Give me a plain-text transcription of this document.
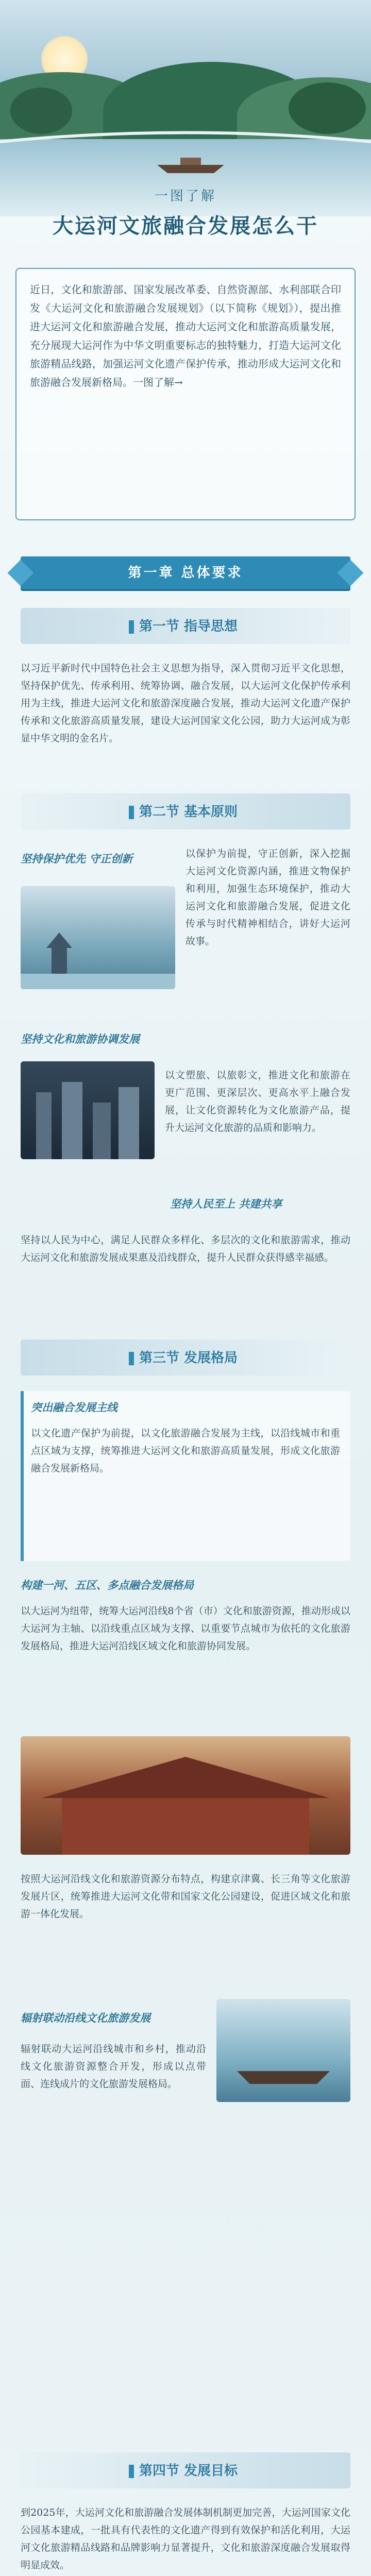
一图了解
大运河文旅融合发展怎么干
近日，文化和旅游部、国家发展改革委、自然资源部、水利部联合印发《大运河文化和旅游融合发展规划》（以下简称《规划》），提出推进大运河文化和旅游融合发展，推动大运河文化和旅游高质量发展，充分展现大运河作为中华文明重要标志的独特魅力，打造大运河文化旅游精品线路，加强运河文化遗产保护传承，推动形成大运河文化和旅游融合发展新格局。一图了解→
第一章 总体要求
第一节 指导思想
以习近平新时代中国特色社会主义思想为指导，深入贯彻习近平文化思想，坚持保护优先、传承利用、统筹协调、融合发展，以大运河文化保护传承利用为主线，推进大运河文化和旅游深度融合发展，推动大运河文化遗产保护传承和文化旅游高质量发展，建设大运河国家文化公园，助力大运河成为彰显中华文明的金名片。
第二节 基本原则
坚持保护优先 守正创新	以保护为前提，守正创新，深入挖掘大运河文化资源内涵，推进文物保护和利用，加强生态环境保护，推动大运河文化和旅游融合发展，促进文化传承与时代精神相结合，讲好大运河故事。
坚持文化和旅游协调发展
以文塑旅、以旅彰文，推进文化和旅游在更广范围、更深层次、更高水平上融合发展，让文化资源转化为文化旅游产品，提升大运河文化旅游的品质和影响力。
坚持人民至上 共建共享
坚持以人民为中心，满足人民群众多样化、多层次的文化和旅游需求，推动大运河文化和旅游发展成果惠及沿线群众，提升人民群众获得感幸福感。
第三节 发展格局
突出融合发展主线
以文化遗产保护为前提，以文化旅游融合发展为主线，以沿线城市和重点区域为支撑，统筹推进大运河文化和旅游高质量发展，形成文化旅游融合发展新格局。
构建一河、五区、多点融合发展格局
以大运河为纽带，统筹大运河沿线8个省（市）文化和旅游资源，推动形成以大运河为主轴、以沿线重点区域为支撑、以重要节点城市为依托的文化旅游发展格局，推进大运河沿线区域文化和旅游协同发展。
按照大运河沿线文化和旅游资源分布特点，构建京津冀、长三角等文化旅游发展片区，统筹推进大运河文化带和国家文化公园建设，促进区域文化和旅游一体化发展。
辐射联动沿线文化旅游发展
辐射联动大运河沿线城市和乡村，推动沿线文化旅游资源整合开发，形成以点带面、连线成片的文化旅游发展格局。
第四节 发展目标
到2025年，大运河文化和旅游融合发展体制机制更加完善，大运河国家文化公园基本建成，一批具有代表性的文化遗产得到有效保护和活化利用，大运河文化旅游精品线路和品牌影响力显著提升，文化和旅游深度融合发展取得明显成效。
